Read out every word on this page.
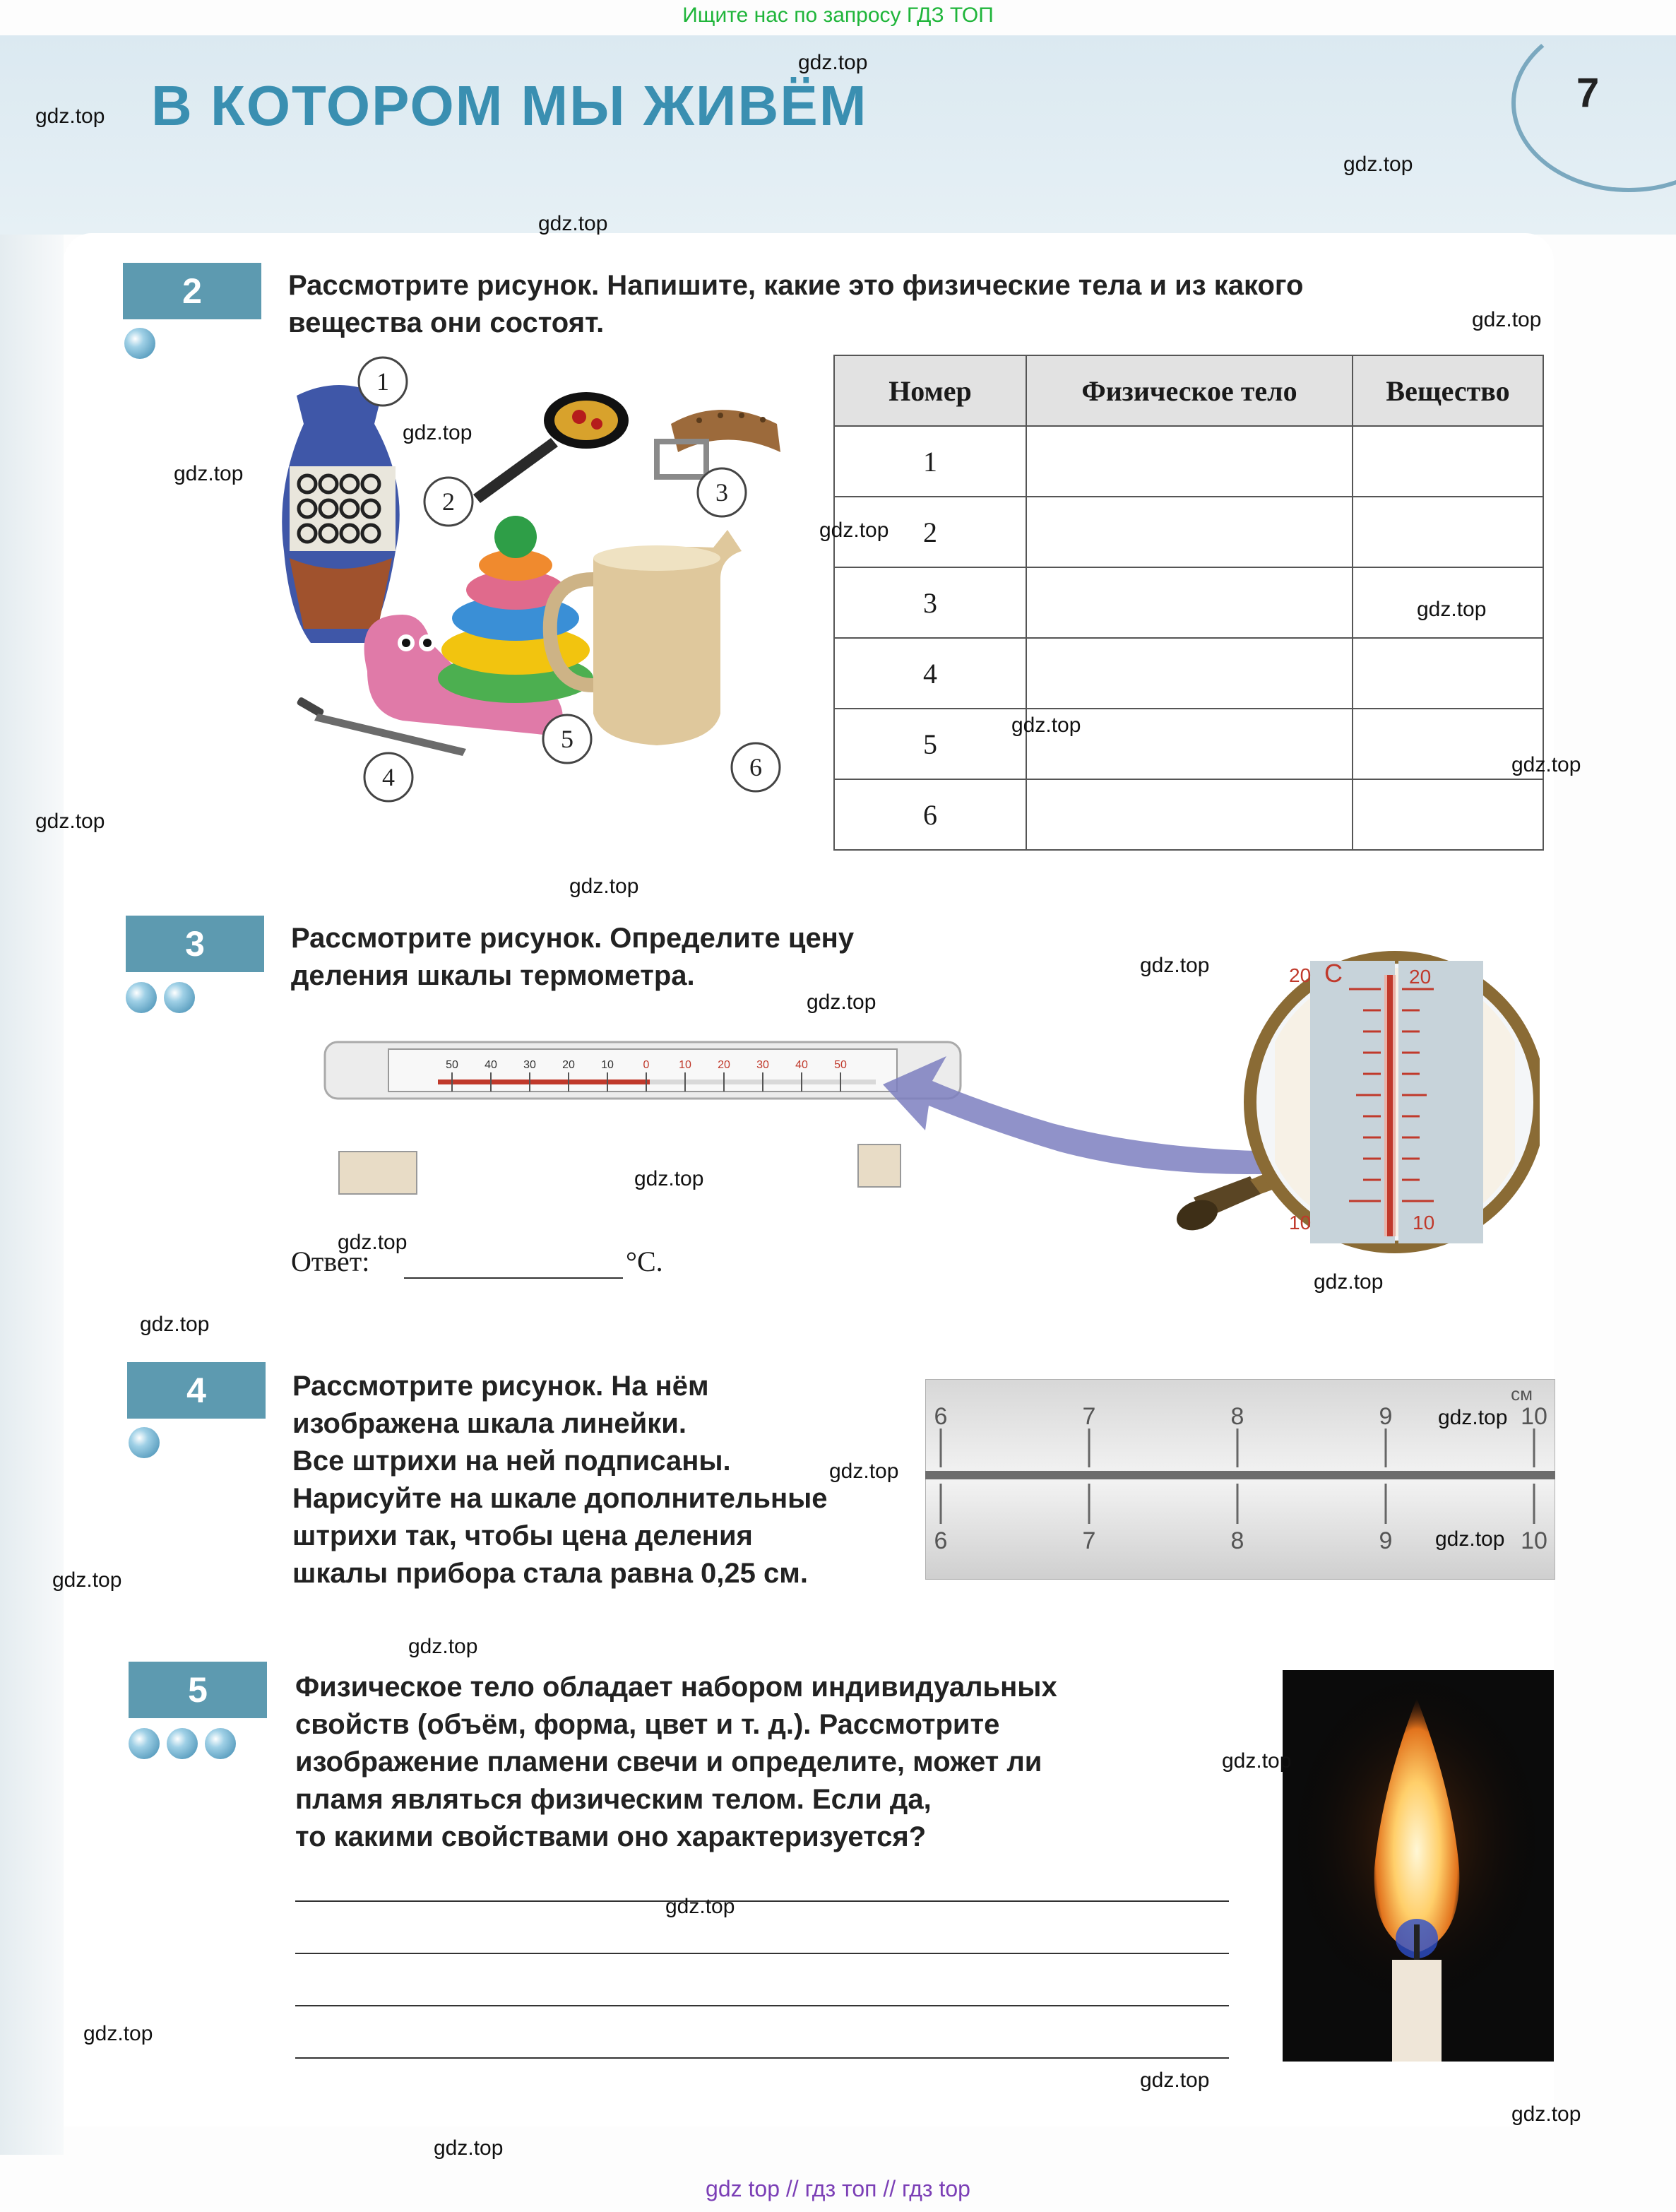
Ищите нас по запросу ГДЗ ТОП
В КОТОРОМ МЫ ЖИВЁМ	7
2	Рассмотрите рисунок. Напишите, какие это физические тела и из какого
вещества они состоят.
1
2	3
4
5
6
Номер	Физическое тело	Вещество
1		
2		
3		
4		
5		
6		
3	Рассмотрите рисунок. Определите цену
деления шкалы термометра.
50 40 30 20 10	0	10 20 30 40 50
20 C	20
10	10
Ответ:	°С.
4	Рассмотрите рисунок. На нём
изображена шкала линейки.
Все штрихи на ней подписаны.
Нарисуйте на шкале дополнительные
штрихи так, чтобы цена деления
шкалы прибора стала равна 0,25 см.
см
6
6
7
7
8
8
9
9
10
10
5	Физическое тело обладает набором индивидуальных
свойств (объём, форма, цвет и т. д.). Рассмотрите
изображение пламени свечи и определите, может ли
пламя являться физическим телом. Если да,
то какими свойствами оно характеризуется?
gdz.top
gdz.top
gdz.top
gdz.top
gdz.top
gdz.top
gdz.top
gdz.top
gdz.top
gdz.top
gdz.top
gdz.top
gdz.top
gdz.top
gdz.top
gdz.top
gdz.top
gdz.top
gdz.top
gdz.top
gdz.top
gdz.top
gdz.top
gdz.top
gdz.top
gdz.top
gdz.top
gdz.top
gdz.top
gdz.top
gdz top // гдз топ // гдз top
